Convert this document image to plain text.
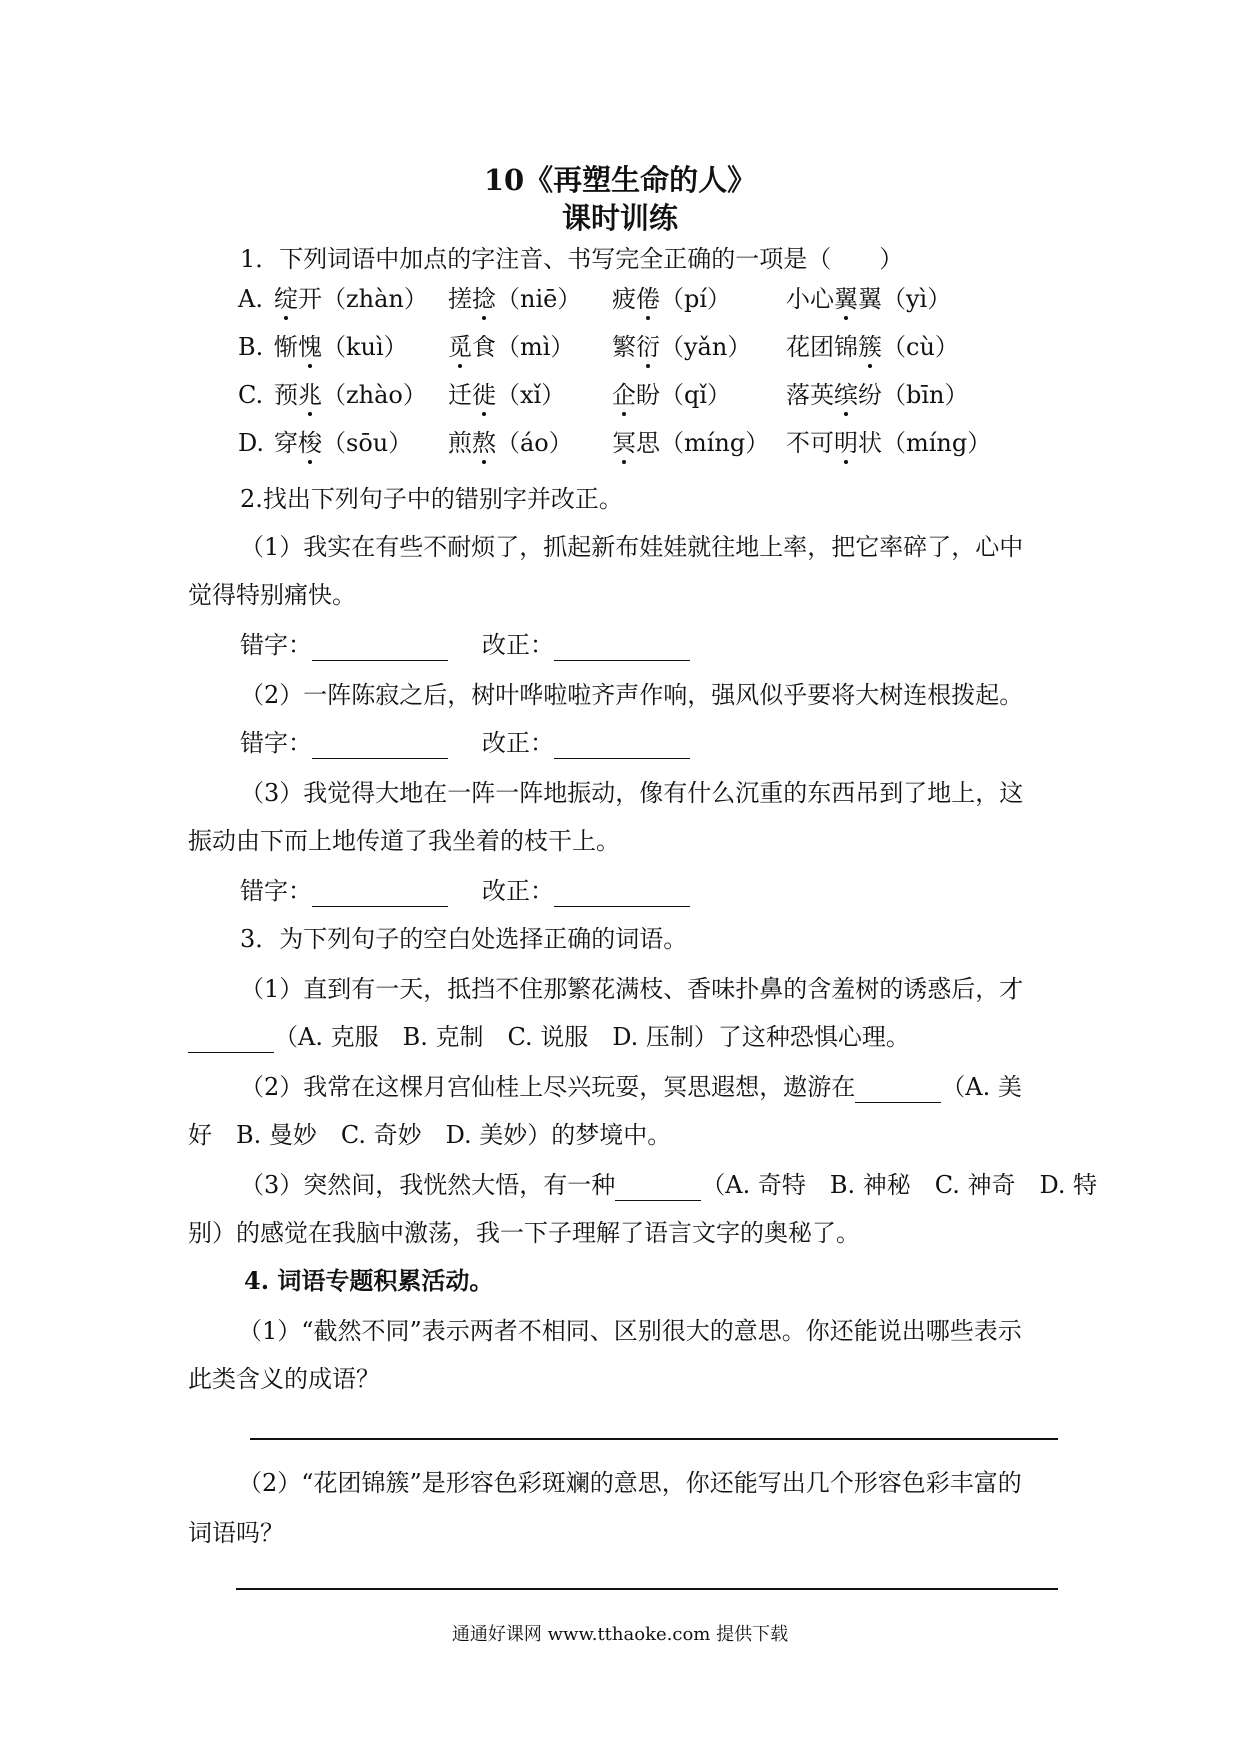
10《再塑生命的人》
课时训练
1．下列词语中加点的字注音、书写完全正确的一项是（　　）
A. 绽开（zhàn） 搓捻（niē） 疲倦（pí） 小心翼翼（yì）
B. 惭愧（kuì） 觅食（mì） 繁衍（yǎn） 花团锦簇（cù）
C. 预兆（zhào） 迁徙（xǐ） 企盼（qǐ） 落英缤纷（bīn）
D. 穿梭（sōu） 煎熬（áo） 冥思（míng） 不可明状（míng）
2.找出下列句子中的错别字并改正。
（1）我实在有些不耐烦了，抓起新布娃娃就往地上率，把它率碎了，心中
觉得特别痛快。
错字：	改正：
（2）一阵陈寂之后，树叶哗啦啦齐声作响，强风似乎要将大树连根拨起。
错字：	改正：
（3）我觉得大地在一阵一阵地振动，像有什么沉重的东西吊到了地上，这
振动由下而上地传道了我坐着的枝干上。
错字：	改正：
3．为下列句子的空白处选择正确的词语。
（1）直到有一天，抵挡不住那繁花满枝、香味扑鼻的含羞树的诱惑后，才
（A. 克服　B. 克制　C. 说服　D. 压制）了这种恐惧心理。
（2）我常在这棵月宫仙桂上尽兴玩耍，冥思遐想，遨游在	（A. 美
好　B. 曼妙　C. 奇妙　D. 美妙）的梦境中。
（3）突然间，我恍然大悟，有一种	（A. 奇特　B. 神秘　C. 神奇　D. 特
别）的感觉在我脑中激荡，我一下子理解了语言文字的奥秘了。
4. 词语专题积累活动。
（1）“截然不同”表示两者不相同、区别很大的意思。你还能说出哪些表示
此类含义的成语？
（2）“花团锦簇”是形容色彩斑斓的意思，你还能写出几个形容色彩丰富的
词语吗？
通通好课网 www.tthaoke.com 提供下载
